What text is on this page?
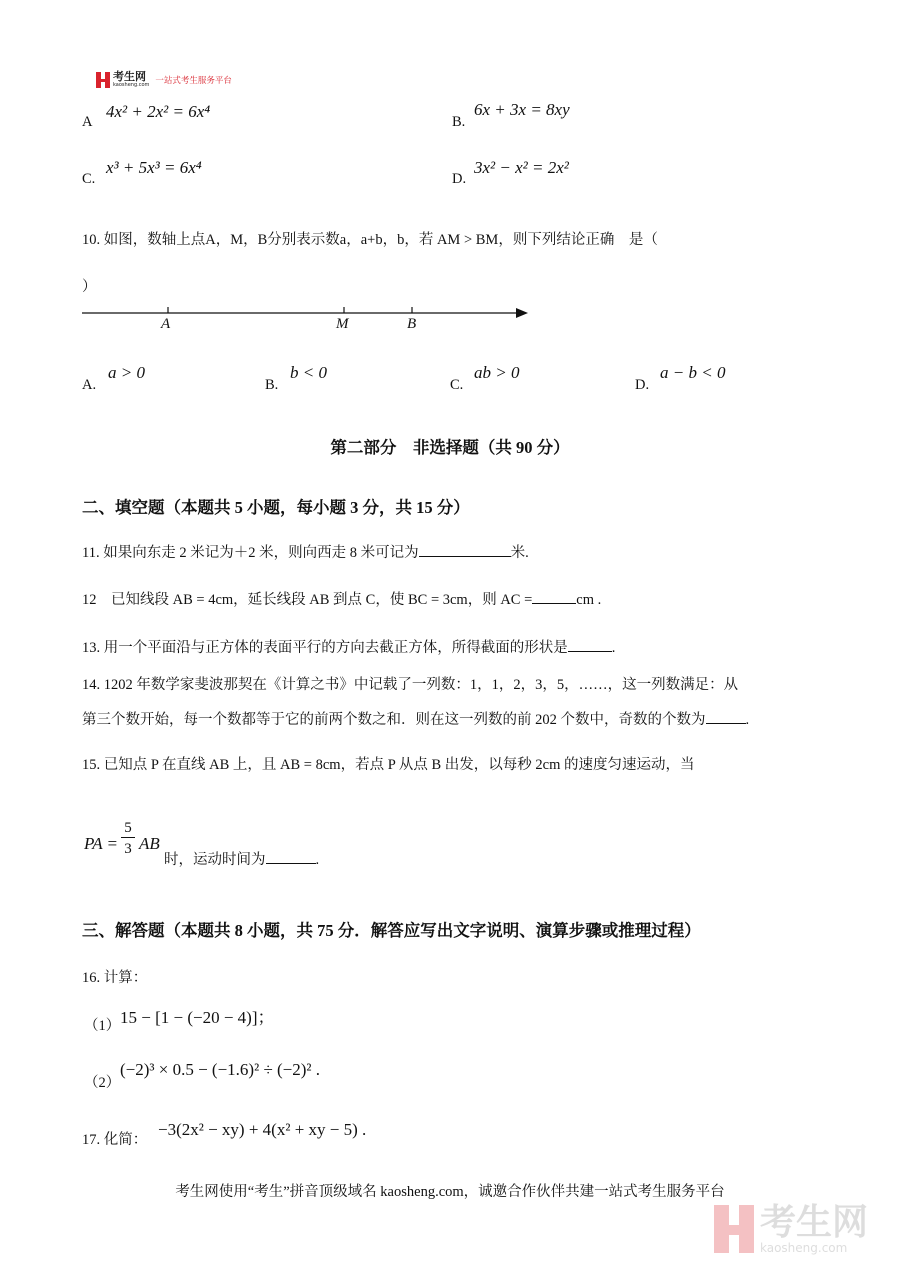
考生网
kaosheng.com 一站式考生服务平台
A
4x² + 2x² = 6x⁴
B.
6x + 3x = 8xy
C.
x³ + 5x³ = 6x⁴
D.
3x² − x² = 2x²
10. 如图，数轴上点A，M，B分别表示数a，a+b，b，若 AM > BM，则下列结论正确　是（
）
A	M	B
A.
a > 0
B.
b < 0
C.
ab > 0
D.
a − b < 0
第二部分　非选择题（共 90 分）
二、填空题（本题共 5 小题，每小题 3 分，共 15 分）
11. 如果向东走 2 米记为＋2 米，则向西走 8 米可记为	米.
12　已知线段 AB = 4cm，延长线段 AB 到点 C，使 BC = 3cm，则 AC =	cm .
13. 用一个平面沿与正方体的表面平行的方向去截正方体，所得截面的形状是	.
14. 1202 年数学家斐波那契在《计算之书》中记载了一列数：1，1，2，3，5，……，这一列数满足：从
第三个数开始，每一个数都等于它的前两个数之和．则在这一列数的前 202 个数中，奇数的个数为	.
15. 已知点 P 在直线 AB 上，且 AB = 8cm，若点 P 从点 B 出发，以每秒 2cm 的速度匀速运动，当
PA =
5
3 AB
时，运动时间为	.
三、解答题（本题共 8 小题，共 75 分．解答应写出文字说明、演算步骤或推理过程）
16. 计算：
（1） 15 − [1 − (−20 − 4)]；
（2）
(−2)³ × 0.5 − (−1.6)² ÷ (−2)² .
17. 化简：
−3(2x² − xy) + 4(x² + xy − 5) .
考生网使用“考生”拼音顶级域名 kaosheng.com，诚邀合作伙伴共建一站式考生服务平台
考生网
kaosheng.com
